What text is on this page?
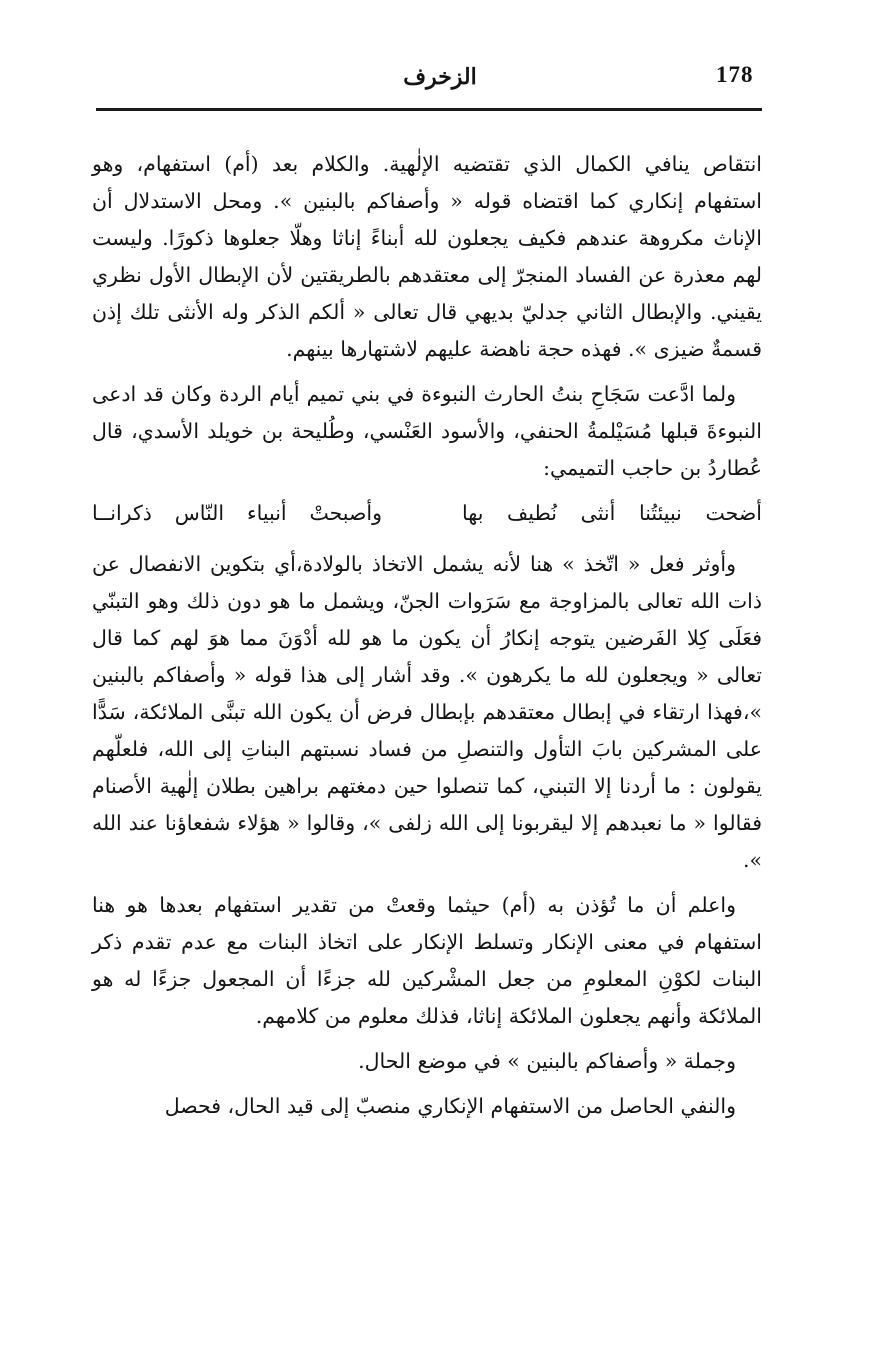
178
الزخرف

انتقاص ينافي الكمال الذي تقتضيه الإلٰهية. والكلام بعد (أم) استفهام، وهو استفهام إنكاري كما اقتضاه قوله « وأصفاكم بالبنين ». ومحل الاستدلال أن الإناث مكروهة عندهم فكيف يجعلون لله أبناءً إناثا وهلّا جعلوها ذكورًا. وليست لهم معذرة عن الفساد المنجرّ إلى معتقدهم بالطريقتين لأن الإبطال الأول نظري يقيني. والإبطال الثاني جدليّ بديهي قال تعالى « ألكم الذكر وله الأنثى تلك إذن قسمةٌ ضيزى ». فهذه حجة ناهضة عليهم لاشتهارها بينهم.

ولما ادَّعت سَجَاحِ بنتُ الحارث النبوءة في بني تميم أيام الردة وكان قد ادعى النبوءةَ قبلها مُسَيْلمةُ الحنفي، والأسود العَنْسي، وطُليحة بن خويلد الأسدي، قال عُطاردُ بن حاجب التميمي:

أضحت نبيئتُنا أنثى نُطيف بها
وأصبحتْ أنبياء النّاس ذكرانــا

وأوثر فعل « اتّخذ » هنا لأنه يشمل الاتخاذ بالولادة،أي بتكوين الانفصال عن ذات الله تعالى بالمزاوجة مع سَرَوات الجنّ، ويشمل ما هو دون ذلك وهو التبنّي فعَلَى كِلا الفَرضين يتوجه إنكارُ أن يكون ما هو لله أدْوَنَ مما هوَ لهم كما قال تعالى « ويجعلون لله ما يكرهون ». وقد أشار إلى هذا قوله « وأصفاكم بالبنين »،فهذا ارتقاء في إبطال معتقدهم بإبطال فرض أن يكون الله تبنَّى الملائكة، سَدًّا على المشركين بابَ التأول والتنصلِ من فساد نسبتهم البناتِ إلى الله، فلعلّهم يقولون : ما أردنا إلا التبني، كما تنصلوا حين دمغتهم براهين بطلان إلٰهية الأصنام فقالوا « ما نعبدهم إلا ليقربونا إلى الله زلفى »، وقالوا « هؤلاء شفعاؤنا عند الله ».

واعلم أن ما تُؤذن به (أم) حيثما وقعتْ من تقدير استفهام بعدها هو هنا استفهام في معنى الإنكار وتسلط الإنكار على اتخاذ البنات مع عدم تقدم ذكر البنات لكوْنِ المعلومِ من جعل المشْركين لله جزءًا أن المجعول جزءًا له هو الملائكة وأنهم يجعلون الملائكة إناثا، فذلك معلوم من كلامهم.

وجملة « وأصفاكم بالبنين » في موضع الحال.

والنفي الحاصل من الاستفهام الإنكاري منصبّ إلى قيد الحال، فحصل
